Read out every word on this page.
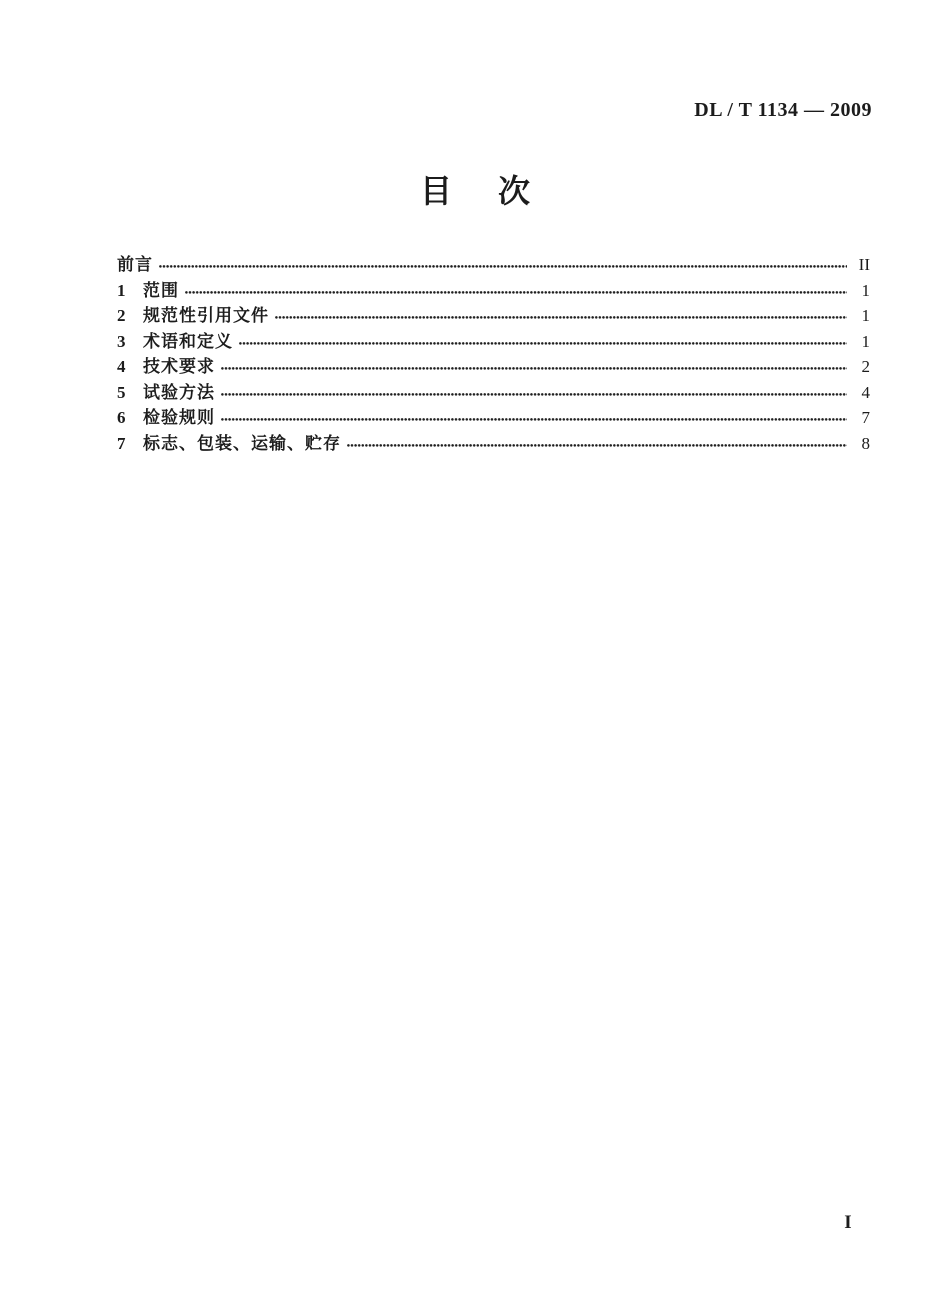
DL / T 1134 — 2009
目 次
前言	II
1	范围	1
2	规范性引用文件	1
3	术语和定义	1
4	技术要求	2
5	试验方法	4
6	检验规则	7
7	标志、包装、运输、贮存	8
I
